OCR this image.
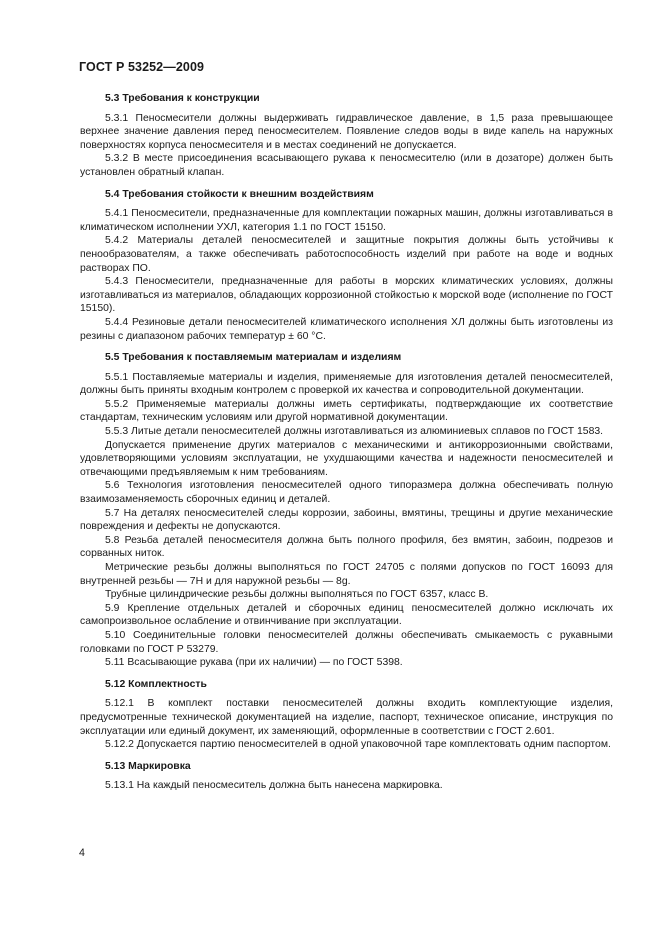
ГОСТ Р 53252—2009

5.3 Требования к конструкции

5.3.1 Пеносмесители должны выдерживать гидравлическое давление, в 1,5 раза превышающее верхнее значение давления перед пеносмесителем. Появление следов воды в виде капель на наружных поверхностях корпуса пеносмесителя и в местах соединений не допускается.

5.3.2 В месте присоединения всасывающего рукава к пеносмесителю (или в дозаторе) должен быть установлен обратный клапан.

5.4 Требования стойкости к внешним воздействиям

5.4.1 Пеносмесители, предназначенные для комплектации пожарных машин, должны изготавливаться в климатическом исполнении УХЛ, категория 1.1 по ГОСТ 15150.

5.4.2 Материалы деталей пеносмесителей и защитные покрытия должны быть устойчивы к пенообразователям, а также обеспечивать работоспособность изделий при работе на воде и водных растворах ПО.

5.4.3 Пеносмесители, предназначенные для работы в морских климатических условиях, должны изготавливаться из материалов, обладающих коррозионной стойкостью к морской воде (исполнение по ГОСТ 15150).

5.4.4 Резиновые детали пеносмесителей климатического исполнения ХЛ должны быть изготовлены из резины с диапазоном рабочих температур ± 60 °С.

5.5 Требования к поставляемым материалам и изделиям

5.5.1 Поставляемые материалы и изделия, применяемые для изготовления деталей пеносмесителей, должны быть приняты входным контролем с проверкой их качества и сопроводительной документации.

5.5.2 Применяемые материалы должны иметь сертификаты, подтверждающие их соответствие стандартам, техническим условиям или другой нормативной документации.

5.5.3 Литые детали пеносмесителей должны изготавливаться из алюминиевых сплавов по ГОСТ 1583.

Допускается применение других материалов с механическими и антикоррозионными свойствами, удовлетворяющими условиям эксплуатации, не ухудшающими качества и надежности пеносмесителей и отвечающими предъявляемым к ним требованиям.

5.6 Технология изготовления пеносмесителей одного типоразмера должна обеспечивать полную взаимозаменяемость сборочных единиц и деталей.

5.7 На деталях пеносмесителей следы коррозии, забоины, вмятины, трещины и другие механические повреждения и дефекты не допускаются.

5.8 Резьба деталей пеносмесителя должна быть полного профиля, без вмятин, забоин, подрезов и сорванных ниток.

Метрические резьбы должны выполняться по ГОСТ 24705 с полями допусков по ГОСТ 16093 для внутренней резьбы — 7Н и для наружной резьбы — 8g.

Трубные цилиндрические резьбы должны выполняться по ГОСТ 6357, класс В.

5.9 Крепление отдельных деталей и сборочных единиц пеносмесителей должно исключать их самопроизвольное ослабление и отвинчивание при эксплуатации.

5.10 Соединительные головки пеносмесителей должны обеспечивать смыкаемость с рукавными головками по ГОСТ Р 53279.

5.11 Всасывающие рукава (при их наличии) — по ГОСТ 5398.

5.12 Комплектность

5.12.1 В комплект поставки пеносмесителей должны входить комплектующие изделия, предусмотренные технической документацией на изделие, паспорт, техническое описание, инструкция по эксплуатации или единый документ, их заменяющий, оформленные в соответствии с ГОСТ 2.601.

5.12.2 Допускается партию пеносмесителей в одной упаковочной таре комплектовать одним паспортом.

5.13 Маркировка

5.13.1 На каждый пеносмеситель должна быть нанесена маркировка.

4
